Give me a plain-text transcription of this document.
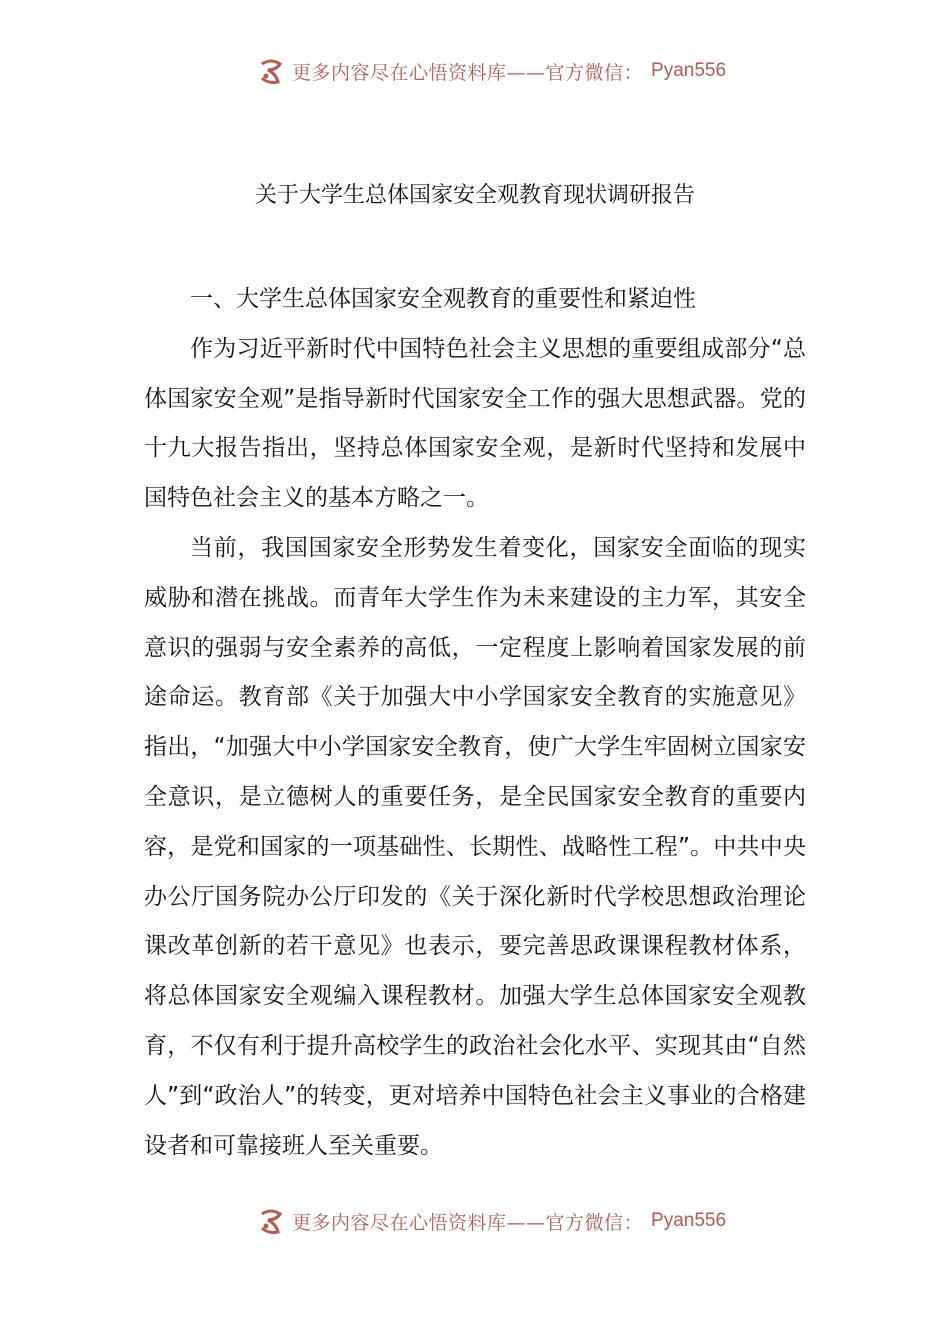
更多内容尽在心悟资料库——官方微信： Pyan556
关于大学生总体国家安全观教育现状调研报告
一、大学生总体国家安全观教育的重要性和紧迫性

作为习近平新时代中国特色社会主义思想的重要组成部分“总体国家安全观”是指导新时代国家安全工作的强大思想武器。党的十九大报告指出，坚持总体国家安全观，是新时代坚持和发展中国特色社会主义的基本方略之一。

当前，我国国家安全形势发生着变化，国家安全面临的现实威胁和潜在挑战。而青年大学生作为未来建设的主力军，其安全意识的强弱与安全素养的高低，一定程度上影响着国家发展的前途命运。教育部《关于加强大中小学国家安全教育的实施意见》指出，“加强大中小学国家安全教育，使广大学生牢固树立国家安全意识，是立德树人的重要任务，是全民国家安全教育的重要内容，是党和国家的一项基础性、长期性、战略性工程”。中共中央办公厅国务院办公厅印发的《关于深化新时代学校思想政治理论课改革创新的若干意见》也表示，要完善思政课课程教材体系，将总体国家安全观编入课程教材。加强大学生总体国家安全观教育，不仅有利于提升高校学生的政治社会化水平、实现其由“自然人”到“政治人”的转变，更对培养中国特色社会主义事业的合格建设者和可靠接班人至关重要。

更多内容尽在心悟资料库——官方微信： Pyan556
